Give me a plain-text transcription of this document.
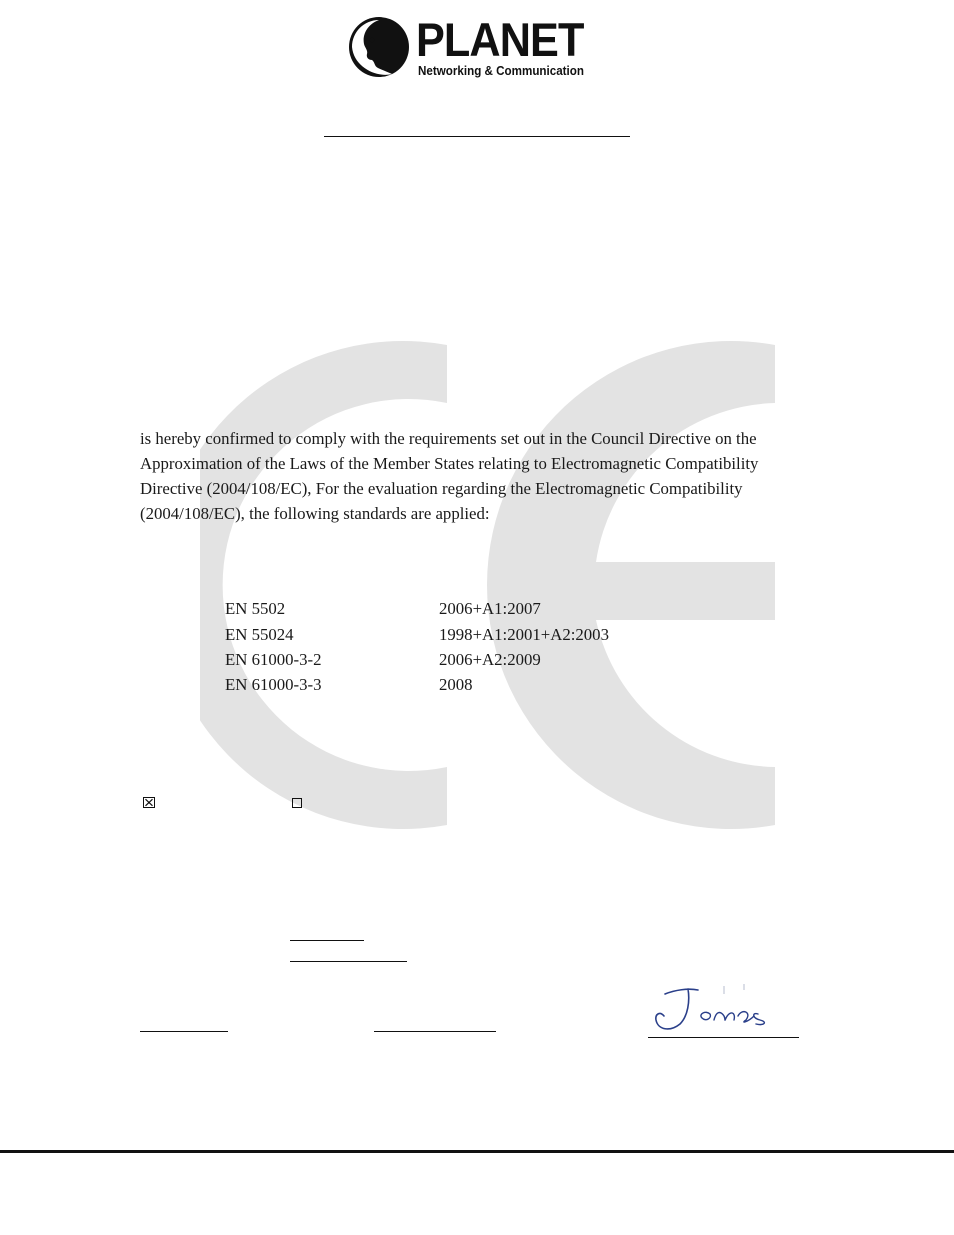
PLANET
Networking & Communication
is hereby confirmed to comply with the requirements set out in the Council Directive on the
Approximation of the Laws of the Member States relating to Electromagnetic Compatibility
Directive (2004/108/EC), For the evaluation regarding the Electromagnetic Compatibility
(2004/108/EC), the following standards are applied:
EN 5502	2006+A1:2007
EN 55024	1998+A1:2001+A2:2003
EN 61000-3-2	2006+A2:2009
EN 61000-3-3	2008
